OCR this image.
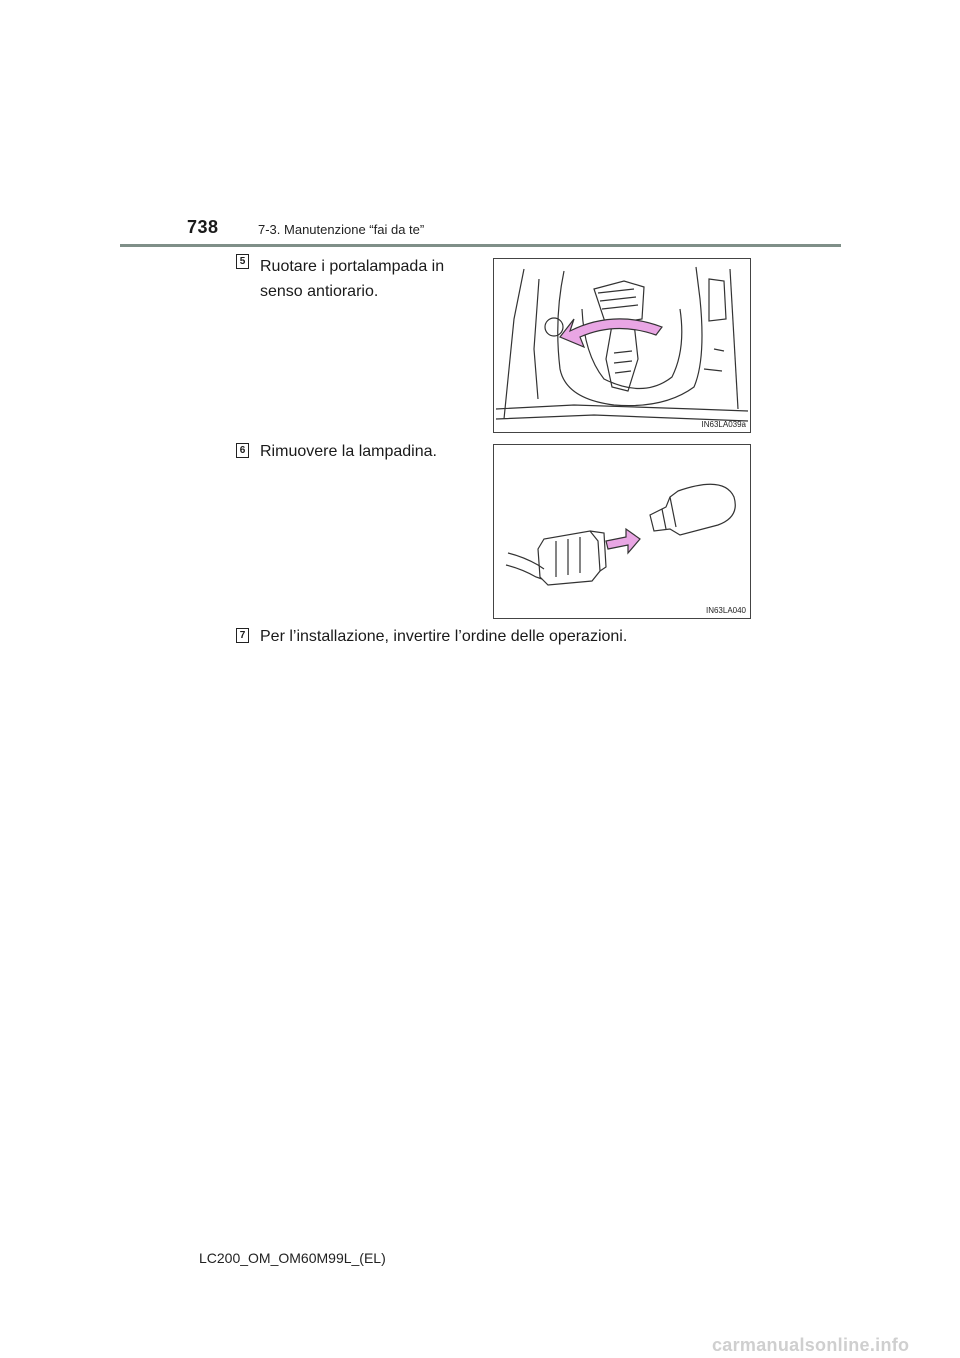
738	7-3. Manutenzione “fai da te”
5 Ruotare i portalampada in senso antiorario.
IN63LA039a
6 Rimuovere la lampadina.
IN63LA040
7 Per l’installazione, invertire l’ordine delle operazioni.
LC200_OM_OM60M99L_(EL)
carmanualsonline.info
